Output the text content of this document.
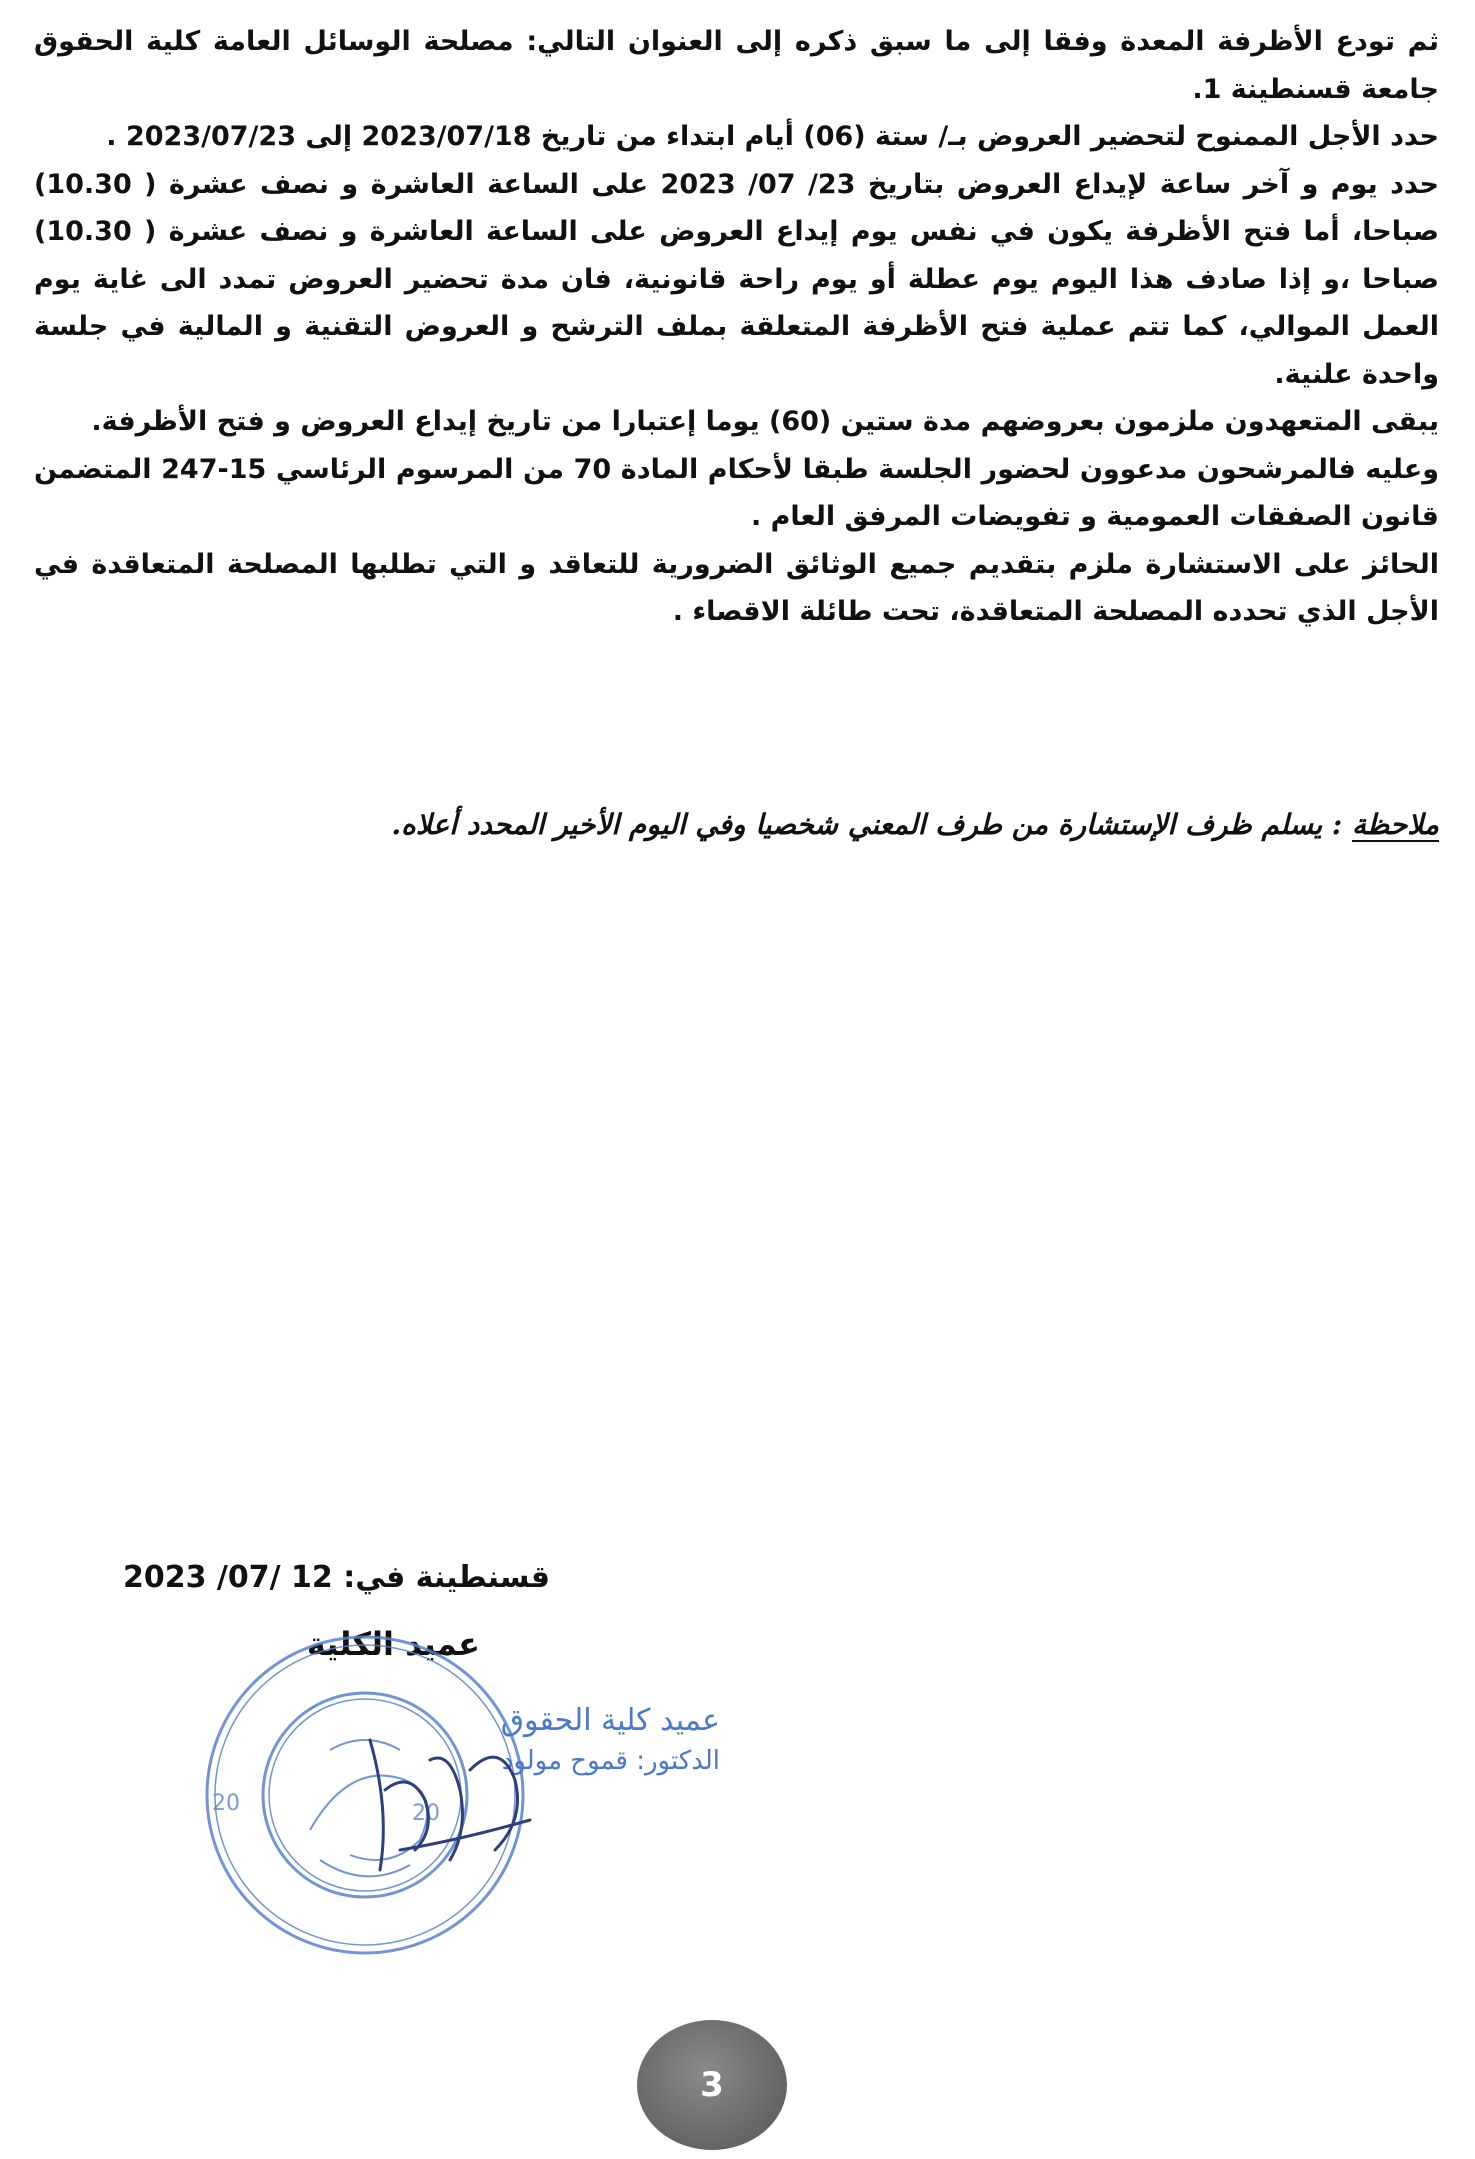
ثم تودع الأظرفة المعدة وفقا إلى ما سبق ذكره إلى العنوان التالي: مصلحة الوسائل العامة كلية الحقوق جامعة قسنطينة 1.

حدد الأجل الممنوح لتحضير العروض بـ/ ستة (06) أيام ابتداء من تاريخ 2023/07/18 إلى 2023/07/23 .

حدد يوم و آخر ساعة لإيداع العروض بتاريخ 23/ 07/ 2023 على الساعة العاشرة و نصف عشرة ( 10.30) صباحا، أما فتح الأظرفة يكون في نفس يوم إيداع العروض على الساعة العاشرة و نصف عشرة ( 10.30) صباحا ،و إذا صادف هذا اليوم يوم عطلة أو يوم راحة قانونية، فان مدة تحضير العروض تمدد الى غاية يوم العمل الموالي، كما تتم عملية فتح الأظرفة المتعلقة بملف الترشح و العروض التقنية و المالية في جلسة واحدة علنية.

يبقى المتعهدون ملزمون بعروضهم مدة ستين (60) يوما إعتبارا من تاريخ إيداع العروض و فتح الأظرفة.

وعليه فالمرشحون مدعوون لحضور الجلسة طبقا لأحكام المادة 70 من المرسوم الرئاسي 15-247 المتضمن قانون الصفقات العمومية و تفويضات المرفق العام .

الحائز على الاستشارة ملزم بتقديم جميع الوثائق الضرورية للتعاقد و التي تطلبها المصلحة المتعاقدة في الأجل الذي تحدده المصلحة المتعاقدة، تحت طائلة الاقصاء .

ملاحظة : يسلم ظرف الإستشارة من طرف المعني شخصيا وفي اليوم الأخير المحدد أعلاه.
قسنطينة في: 12 /07/ 2023
عميد الكلية
20	20
عميد كلية الحقوق
الدكتور: قموح مولود
3
